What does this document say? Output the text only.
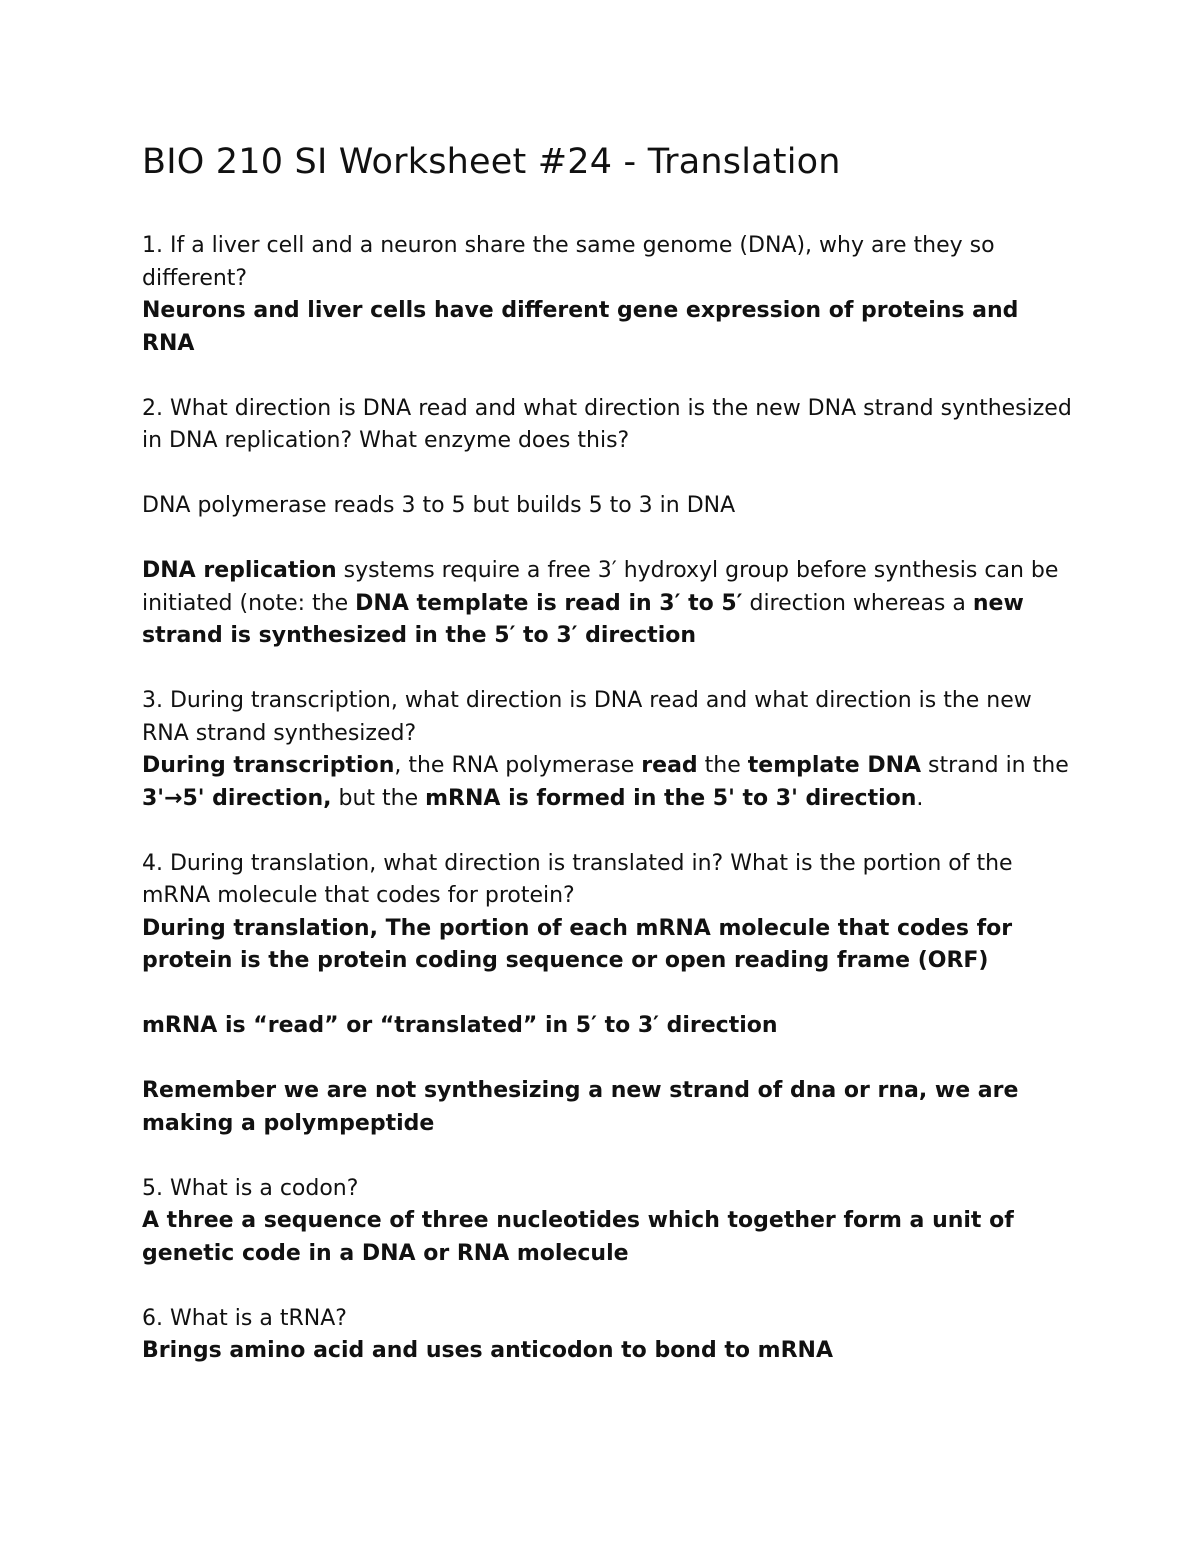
BIO 210 SI Worksheet #24 - Translation

1. If a liver cell and a neuron share the same genome (DNA), why are they so different?

Neurons and liver cells have different gene expression of proteins and RNA

2. What direction is DNA read and what direction is the new DNA strand synthesized in DNA replication? What enzyme does this?

DNA polymerase reads 3 to 5 but builds 5 to 3 in DNA

DNA replication systems require a free 3′ hydroxyl group before synthesis can be initiated (note: the DNA template is read in 3′ to 5′ direction whereas a new strand is synthesized in the 5′ to 3′ direction

3. During transcription, what direction is DNA read and what direction is the new RNA strand synthesized?

During transcription, the RNA polymerase read the template DNA strand in the 3'→5' direction, but the mRNA is formed in the 5' to 3' direction.

4. During translation, what direction is translated in? What is the portion of the mRNA molecule that codes for protein?

During translation, The portion of each mRNA molecule that codes for protein is the protein coding sequence or open reading frame (ORF)

mRNA is “read” or “translated” in 5′ to 3′ direction

Remember we are not synthesizing a new strand of dna or rna, we are making a polympeptide

5. What is a codon?

A three a sequence of three nucleotides which together form a unit of genetic code in a DNA or RNA molecule

6. What is a tRNA?

Brings amino acid and uses anticodon to bond to mRNA
